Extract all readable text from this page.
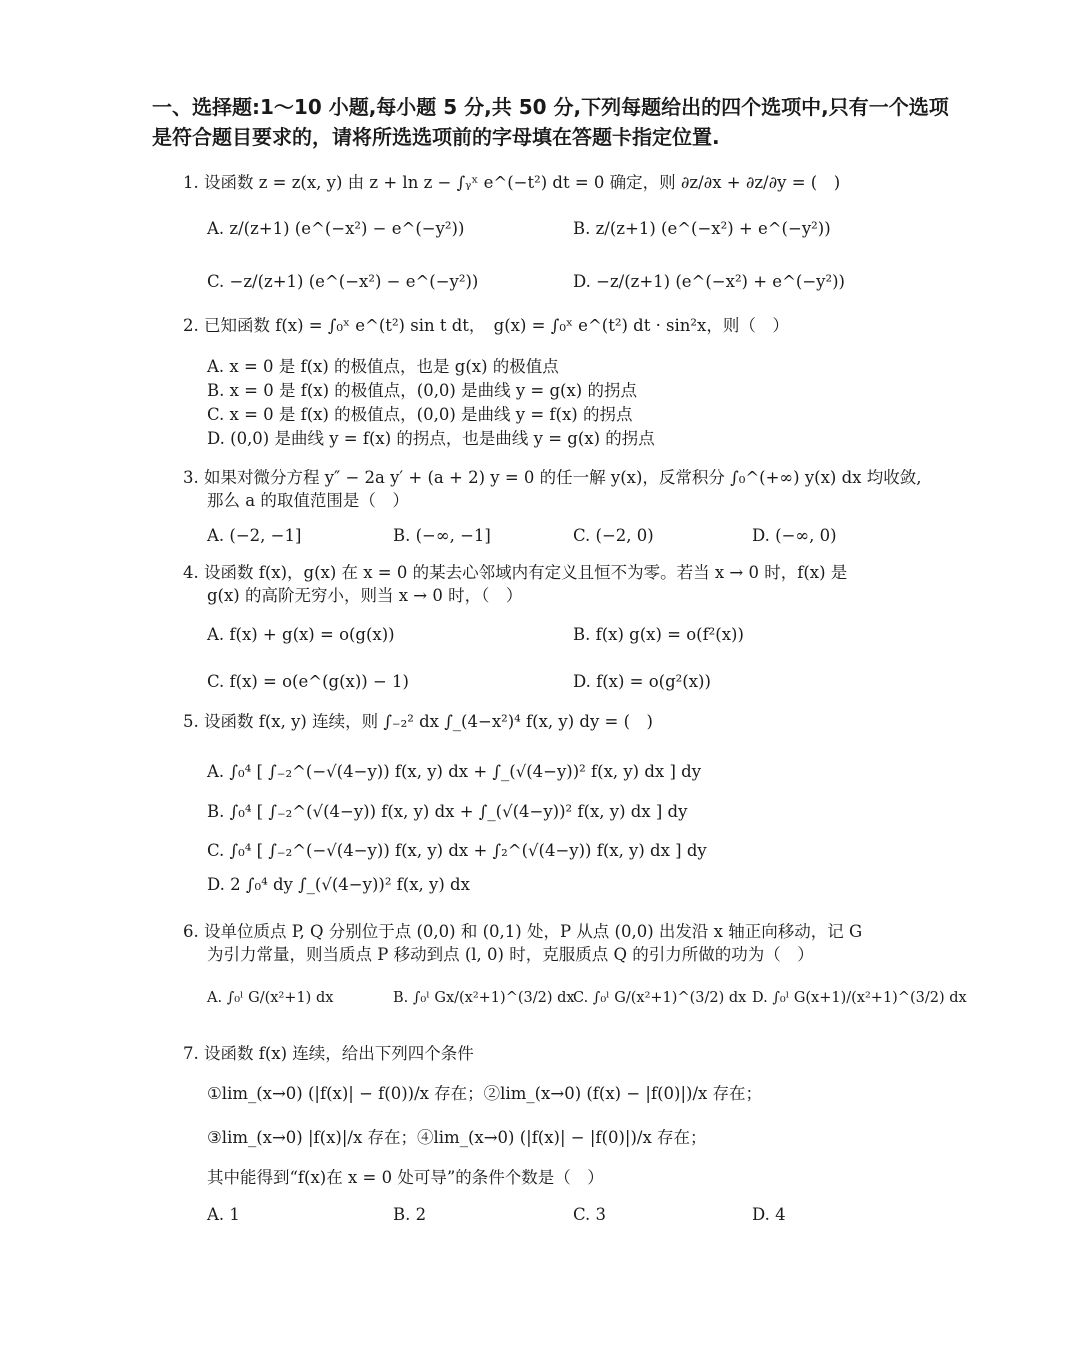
一、选择题:1～10 小题,每小题 5 分,共 50 分,下列每题给出的四个选项中,只有一个选项是符合题目要求的，请将所选选项前的字母填在答题卡指定位置.
1. 设函数 z = z(x, y) 由 z + ln z − ∫ᵧˣ e^(−t²) dt = 0 确定，则 ∂z/∂x + ∂z/∂y = (　)
A. z/(z+1) (e^(−x²) − e^(−y²))	B. z/(z+1) (e^(−x²) + e^(−y²))
C. −z/(z+1) (e^(−x²) − e^(−y²))	D. −z/(z+1) (e^(−x²) + e^(−y²))
2. 已知函数 f(x) = ∫₀ˣ e^(t²) sin t dt，　g(x) = ∫₀ˣ e^(t²) dt · sin²x，则（　）
A. x = 0 是 f(x) 的极值点，也是 g(x) 的极值点
B. x = 0 是 f(x) 的极值点，(0,0) 是曲线 y = g(x) 的拐点
C. x = 0 是 f(x) 的极值点，(0,0) 是曲线 y = f(x) 的拐点
D. (0,0) 是曲线 y = f(x) 的拐点，也是曲线 y = g(x) 的拐点
3. 如果对微分方程 y″ − 2a y′ + (a + 2) y = 0 的任一解 y(x)，反常积分 ∫₀^(+∞) y(x) dx 均收敛,
那么 a 的取值范围是（　）
A. (−2, −1]	B. (−∞, −1]	C. (−2, 0)	D. (−∞, 0)
4. 设函数 f(x)，g(x) 在 x = 0 的某去心邻域内有定义且恒不为零。若当 x → 0 时，f(x) 是
g(x) 的高阶无穷小，则当 x → 0 时，（　）
A. f(x) + g(x) = o(g(x))	B. f(x) g(x) = o(f²(x))
C. f(x) = o(e^(g(x)) − 1)	D. f(x) = o(g²(x))
5. 设函数 f(x, y) 连续，则 ∫₋₂² dx ∫_(4−x²)⁴ f(x, y) dy = (　)
A. ∫₀⁴ [ ∫₋₂^(−√(4−y)) f(x, y) dx + ∫_(√(4−y))² f(x, y) dx ] dy
B. ∫₀⁴ [ ∫₋₂^(√(4−y)) f(x, y) dx + ∫_(√(4−y))² f(x, y) dx ] dy
C. ∫₀⁴ [ ∫₋₂^(−√(4−y)) f(x, y) dx + ∫₂^(√(4−y)) f(x, y) dx ] dy
D. 2 ∫₀⁴ dy ∫_(√(4−y))² f(x, y) dx
6. 设单位质点 P, Q 分别位于点 (0,0) 和 (0,1) 处，P 从点 (0,0) 出发沿 x 轴正向移动，记 G
为引力常量，则当质点 P 移动到点 (l, 0) 时，克服质点 Q 的引力所做的功为（　）
A. ∫₀ˡ G/(x²+1) dx	B. ∫₀ˡ Gx/(x²+1)^(3/2) dx
C. ∫₀ˡ G/(x²+1)^(3/2) dx D. ∫₀ˡ G(x+1)/(x²+1)^(3/2) dx
7. 设函数 f(x) 连续，给出下列四个条件
①lim_(x→0) (|f(x)| − f(0))/x 存在；②lim_(x→0) (f(x) − |f(0)|)/x 存在；
③lim_(x→0) |f(x)|/x 存在；④lim_(x→0) (|f(x)| − |f(0)|)/x 存在；
其中能得到“f(x)在 x = 0 处可导”的条件个数是（　）
A. 1	B. 2	C. 3	D. 4
